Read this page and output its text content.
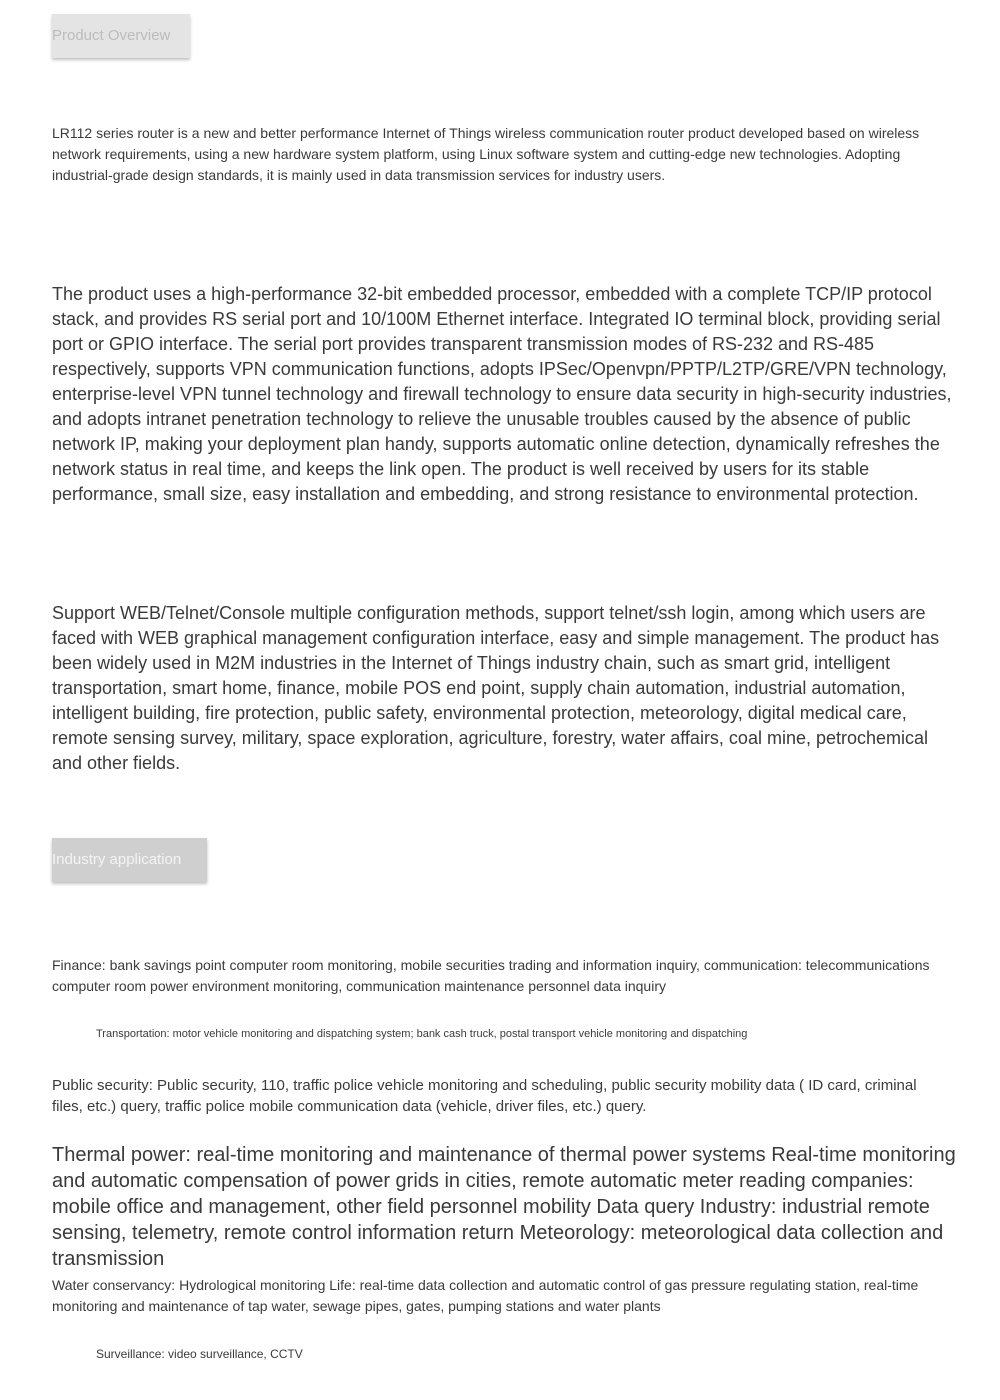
Product Overview

LR112 series router is a new and better performance Internet of Things wireless communication router product developed based on wireless network requirements, using a new hardware system platform, using Linux software system and cutting-edge new technologies. Adopting industrial-grade design standards, it is mainly used in data transmission services for industry users.

The product uses a high-performance 32-bit embedded processor, embedded with a complete TCP/IP protocol stack, and provides RS serial port and 10/100M Ethernet interface. Integrated IO terminal block, providing serial port or GPIO interface. The serial port provides transparent transmission modes of RS-232 and RS-485 respectively, supports VPN communication functions, adopts IPSec/Openvpn/PPTP/L2TP/GRE/VPN technology, enterprise-level VPN tunnel technology and firewall technology to ensure data security in high-security industries, and adopts intranet penetration technology to relieve the unusable troubles caused by the absence of public network IP, making your deployment plan handy, supports automatic online detection, dynamically refreshes the network status in real time, and keeps the link open. The product is well received by users for its stable performance, small size, easy installation and embedding, and strong resistance to environmental protection.

Support WEB/Telnet/Console multiple configuration methods, support telnet/ssh login, among which users are faced with WEB graphical management configuration interface, easy and simple management. The product has been widely used in M2M industries in the Internet of Things industry chain, such as smart grid, intelligent transportation, smart home, finance, mobile POS end point, supply chain automation, industrial automation, intelligent building, fire protection, public safety, environmental protection, meteorology, digital medical care, remote sensing survey, military, space exploration, agriculture, forestry, water affairs, coal mine, petrochemical and other fields.

Industry application

Finance: bank savings point computer room monitoring, mobile securities trading and information inquiry, communication: telecommunications computer room power environment monitoring, communication maintenance personnel data inquiry

Transportation: motor vehicle monitoring and dispatching system; bank cash truck, postal transport vehicle monitoring and dispatching

Public security: Public security, 110, traffic police vehicle monitoring and scheduling, public security mobility data ( ID card, criminal files, etc.) query, traffic police mobile communication data (vehicle, driver files, etc.) query.

Thermal power: real-time monitoring and maintenance of thermal power systems Real-time monitoring and automatic compensation of power grids in cities, remote automatic meter reading companies: mobile office and management, other field personnel mobility Data query Industry: industrial remote sensing, telemetry, remote control information return Meteorology: meteorological data collection and transmission

Water conservancy: Hydrological monitoring Life: real-time data collection and automatic control of gas pressure regulating station, real-time monitoring and maintenance of tap water, sewage pipes, gates, pumping stations and water plants

Surveillance: video surveillance, CCTV
